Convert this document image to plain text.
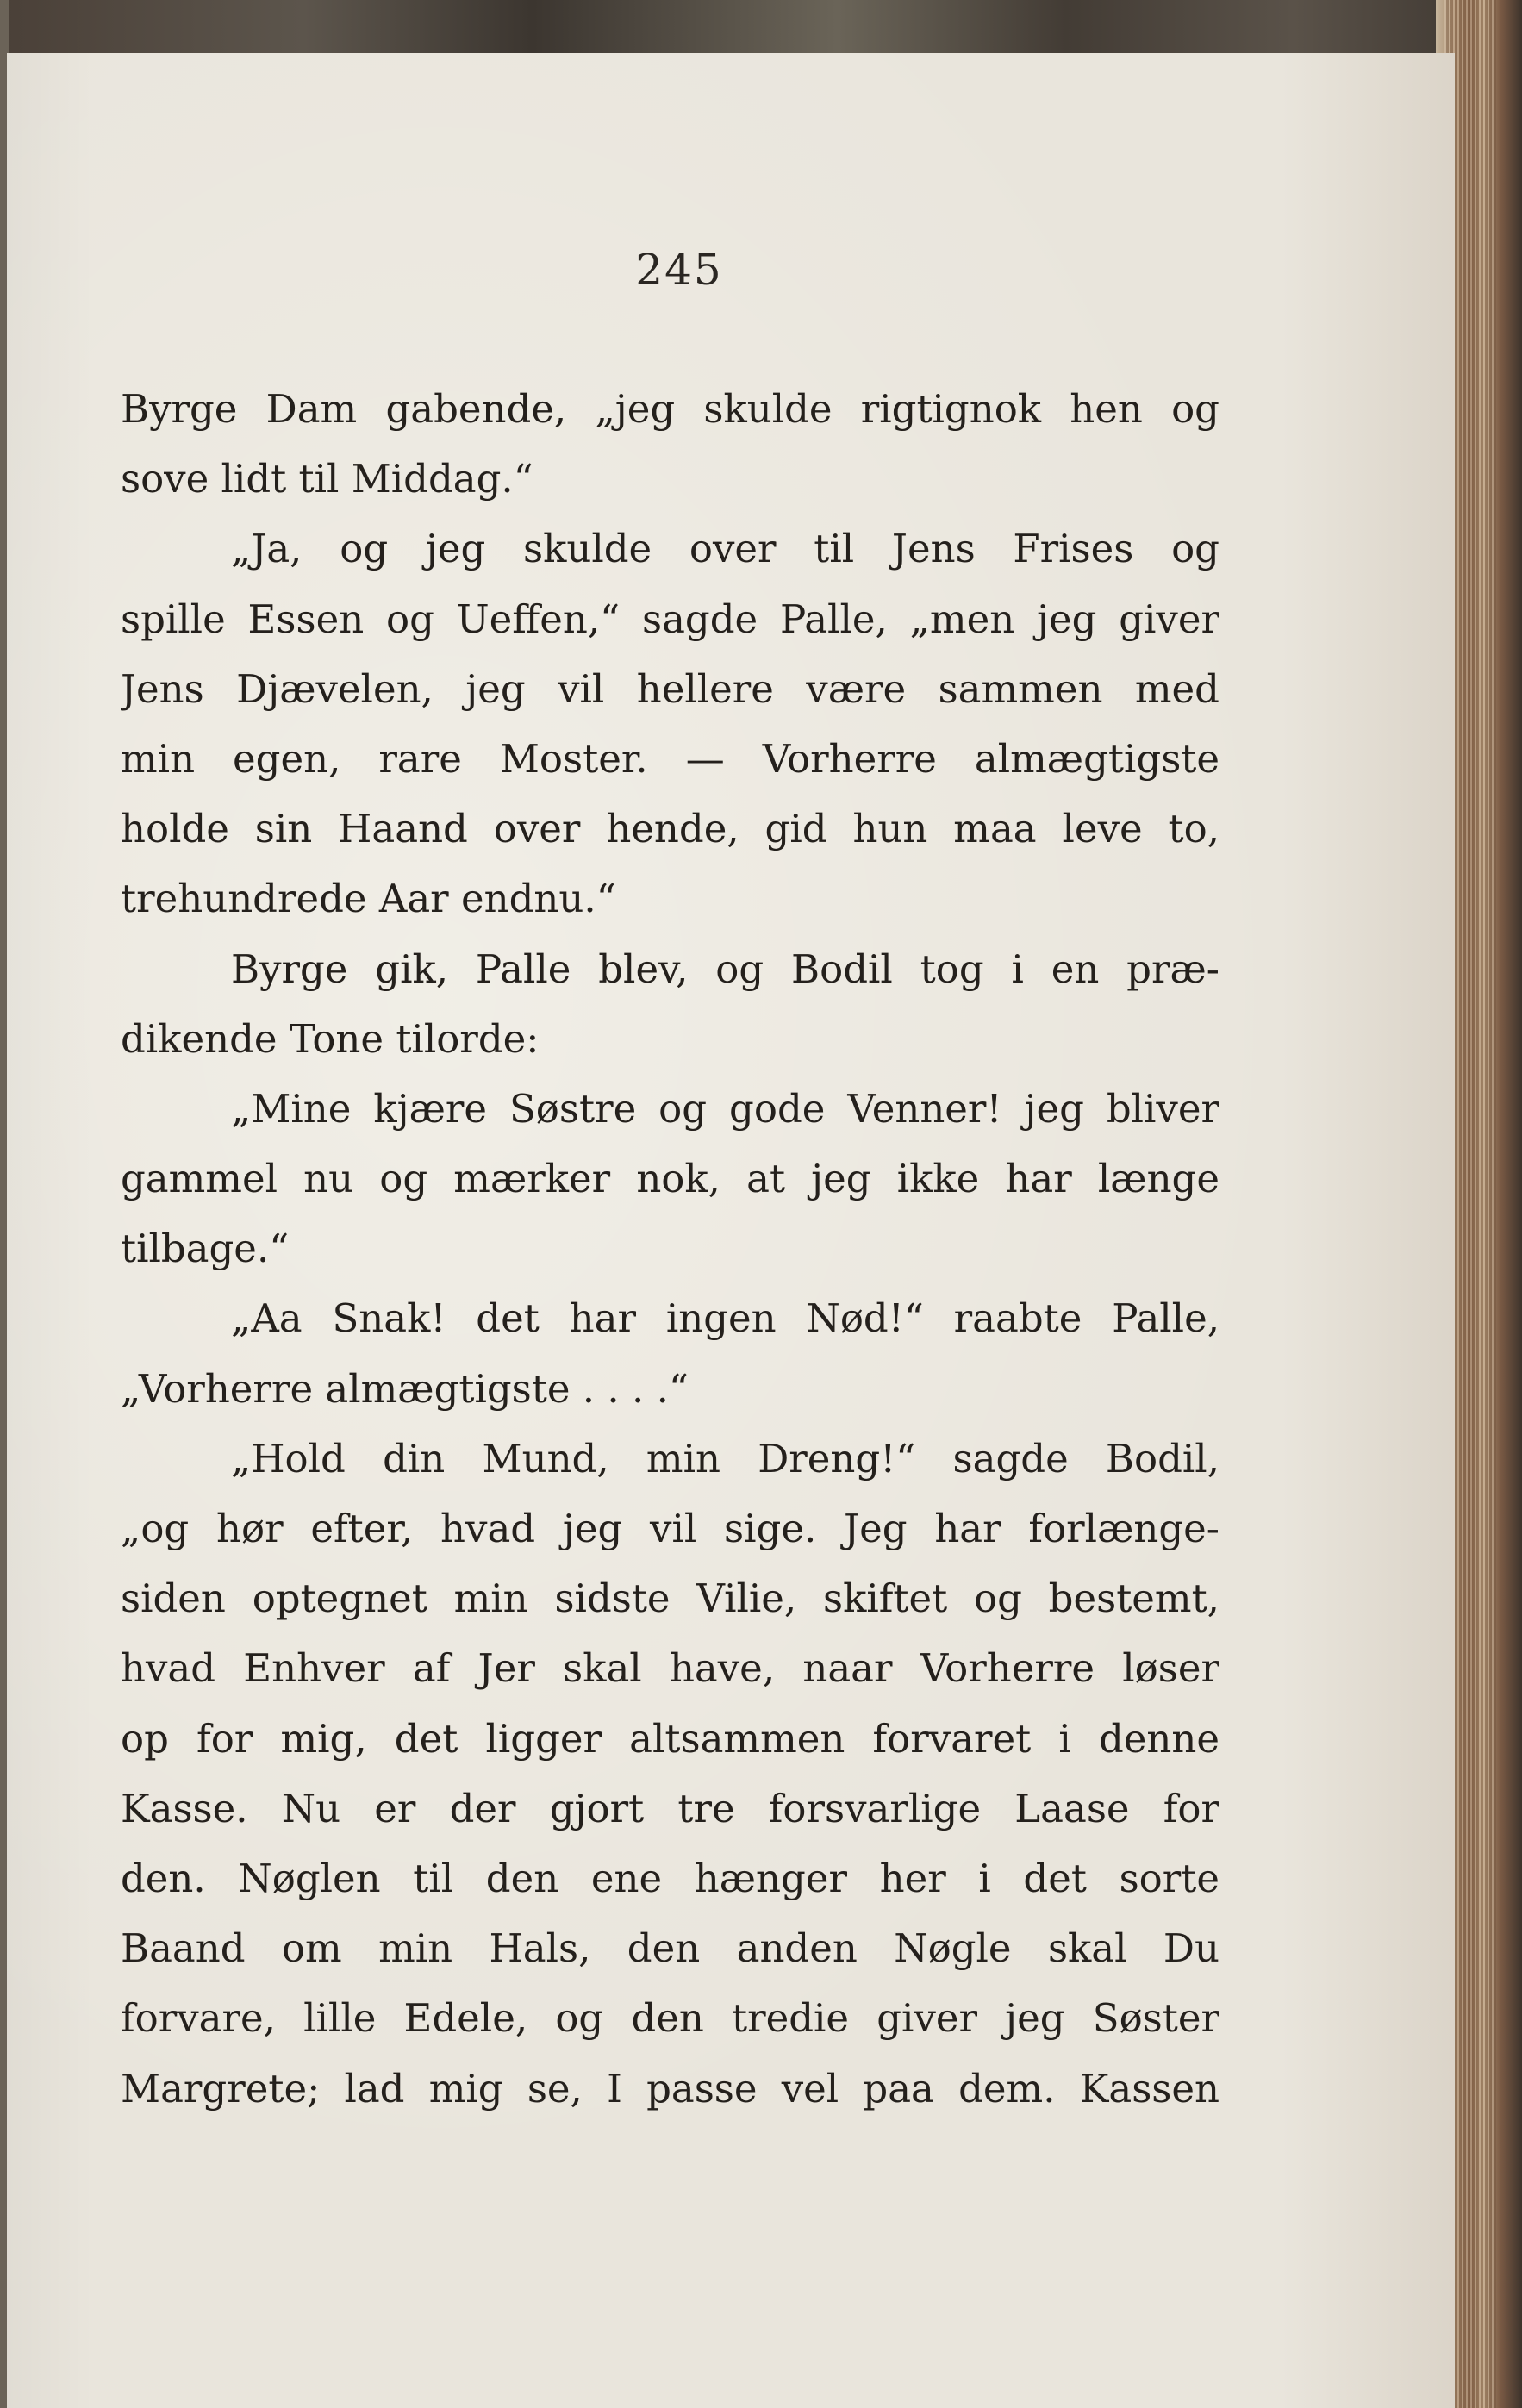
245
Byrge Dam gabende, „jeg skulde rigtignok hen og
sove lidt til Middag.“
„Ja, og jeg skulde over til Jens Frises og
spille Essen og Ueffen,“ sagde Palle, „men jeg giver
Jens Djævelen, jeg vil hellere være sammen med
min egen, rare Moster. — Vorherre almægtigste
holde sin Haand over hende, gid hun maa leve to,
trehundrede Aar endnu.“
Byrge gik, Palle blev, og Bodil tog i en præ-
dikende Tone tilorde:
„Mine kjære Søstre og gode Venner! jeg bliver
gammel nu og mærker nok, at jeg ikke har længe
tilbage.“
„Aa Snak! det har ingen Nød!“ raabte Palle,
„Vorherre almægtigste . . . .“
„Hold din Mund, min Dreng!“ sagde Bodil,
„og hør efter, hvad jeg vil sige. Jeg har forlænge-
siden optegnet min sidste Vilie, skiftet og bestemt,
hvad Enhver af Jer skal have, naar Vorherre løser
op for mig, det ligger altsammen forvaret i denne
Kasse. Nu er der gjort tre forsvarlige Laase for
den. Nøglen til den ene hænger her i det sorte
Baand om min Hals, den anden Nøgle skal Du
forvare, lille Edele, og den tredie giver jeg Søster
Margrete; lad mig se, I passe vel paa dem. Kassen
